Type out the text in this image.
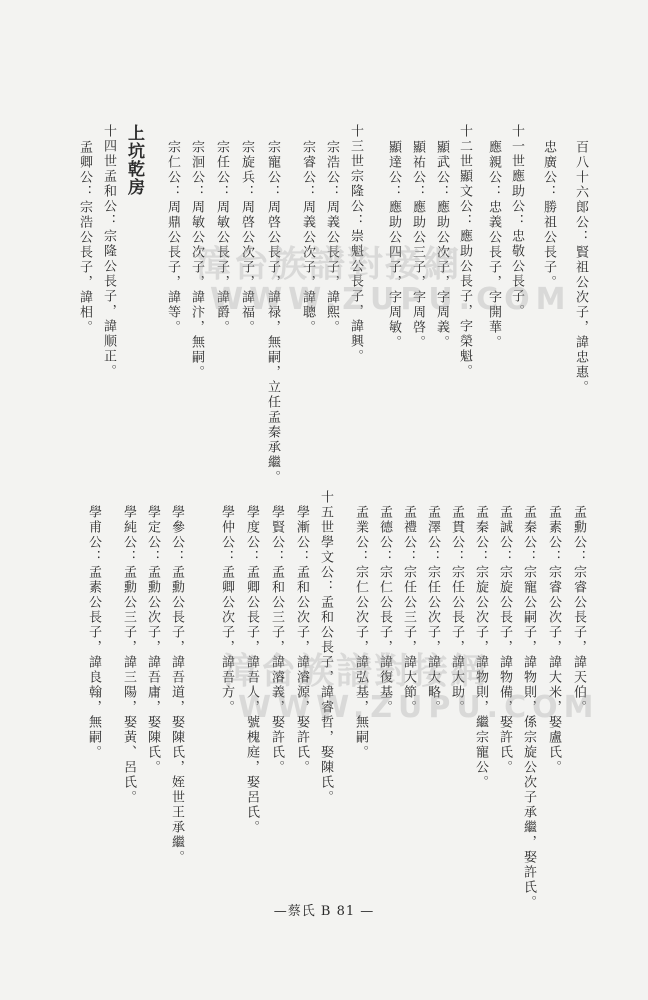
百八十六郎公：賢祖公次子，諱忠惠。
忠廣公：勝祖公長子。
十一世應助公：忠敬公長子。
應親公：忠義公長子，字開華。
十二世顯文公：應助公長子，字榮魁。
顯武公：應助公次子，字周義。
顯祐公：應助公三子，字周啓。
顯達公：應助公四子，字周敏。
十三世宗隆公：崇魁公長子，諱興。
宗浩公：周義公長子，諱熙。
宗睿公：周義公次子，諱聰。
宗寵公：周啓公長子，諱禄，無嗣，立任孟秦承繼。
宗旋兵：周啓公次子，諱福。
宗任公：周敏公長子，諱爵。
宗洄公：周敏公次子，諱汴，無嗣。
宗仁公：周鼎公長子，諱等。
上坑乾房
十四世孟和公：宗隆公長子，諱顺正。
孟卿公：宗浩公長子，諱相。
孟勳公：宗睿公長子，諱天伯。
孟素公：宗睿公次子，諱大米，娶盧氏。
孟秦公：宗寵公嗣子，諱物則，係宗旋公次子承繼，娶許氏。
孟誠公：宗旋公長子，諱物備，娶許氏。
孟秦公：宗旋公次子，諱物則，繼宗寵公。
孟貫公：宗任公長子，諱大助。
孟澤公：宗任公次子，諱大略。
孟禮公：宗任公三子，諱大節。
孟德公：宗仁公長子，諱復基。
孟業公：宗仁公次子，諱弘基，無嗣。
十五世學文公：孟和公長子，諱睿哲，娶陳氏。
學漸公：孟和公次子，諱濬源，娶許氏。
學賢公：孟和公三子，諱濬義，娶許氏。
學度公：孟卿公長子，諱吾人，號槐庭，娶呂氏。
學仲公：孟卿公次子，諱吾方。
學參公：孟勳公長子，諱吾道，娶陳氏，姪世王承繼。
學定公：孟勳公次子，諱吾庸，娶陳氏。
學純公：孟勳公三子，諱三陽，娶黃、呂氏。
學甫公：孟素公長子，諱良翰，無嗣。
漳台族譜對接網
WWW.ZUPU.COM
漳台族譜對接網
WWW.ZUPU.COM
—蔡氏 B 81 —
